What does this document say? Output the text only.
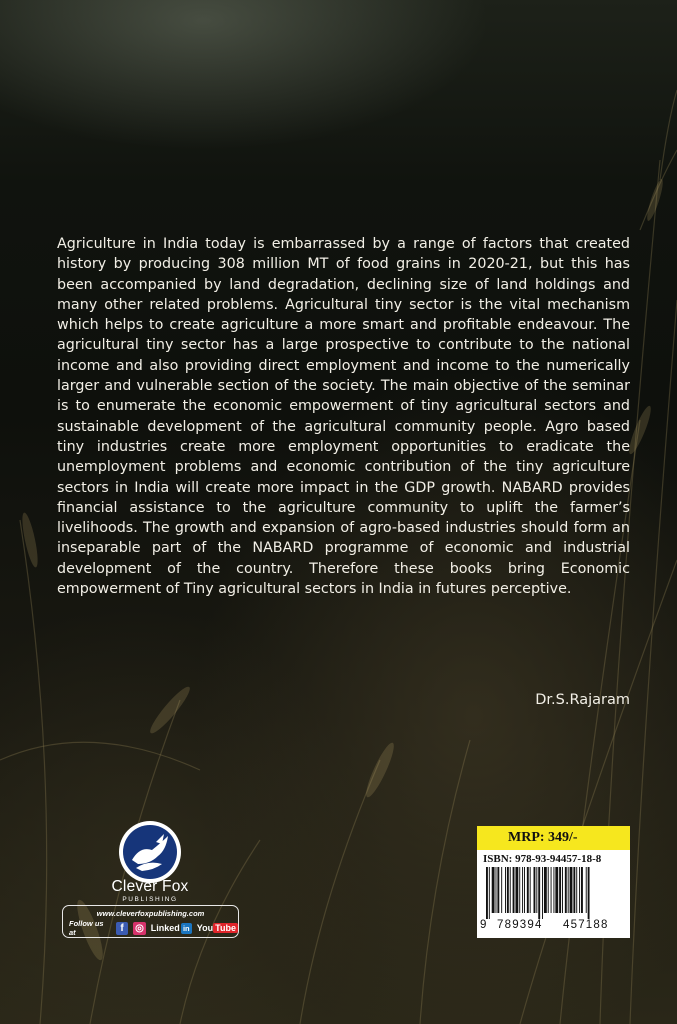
Agriculture in India today is embarrassed by a range of factors that created history by producing 308 million MT of food grains in 2020-21, but this has been accompanied by land degradation, declining size of land holdings and many other related problems. Agricultural tiny sector is the vital mechanism which helps to create agriculture a more smart and profitable endeavour. The agricultural tiny sector has a large prospective to contribute to the national income and also providing direct employment and income to the numerically larger and vulnerable section of the society. The main objective of the seminar is to enumerate the economic empowerment of tiny agricultural sectors and sustainable development of the agricultural community people. Agro based tiny industries create more employment opportunities to eradicate the unemployment problems and economic contribution of the tiny agriculture sectors in India will create more impact in the GDP growth. NABARD provides financial assistance to the agriculture community to uplift the farmer’s livelihoods. The growth and expansion of agro-based industries should form an inseparable part of the NABARD programme of economic and industrial development of the country. Therefore these books bring Economic empowerment of Tiny agricultural sectors in India in futures perceptive.

Dr.S.Rajaram

Clever Fox
PUBLISHING
www.cleverfoxpublishing.com
Follow us at	f	◎ Linked in You Tube
MRP: 349/-
ISBN: 978-93-94457-18-8
9 789394 457188
